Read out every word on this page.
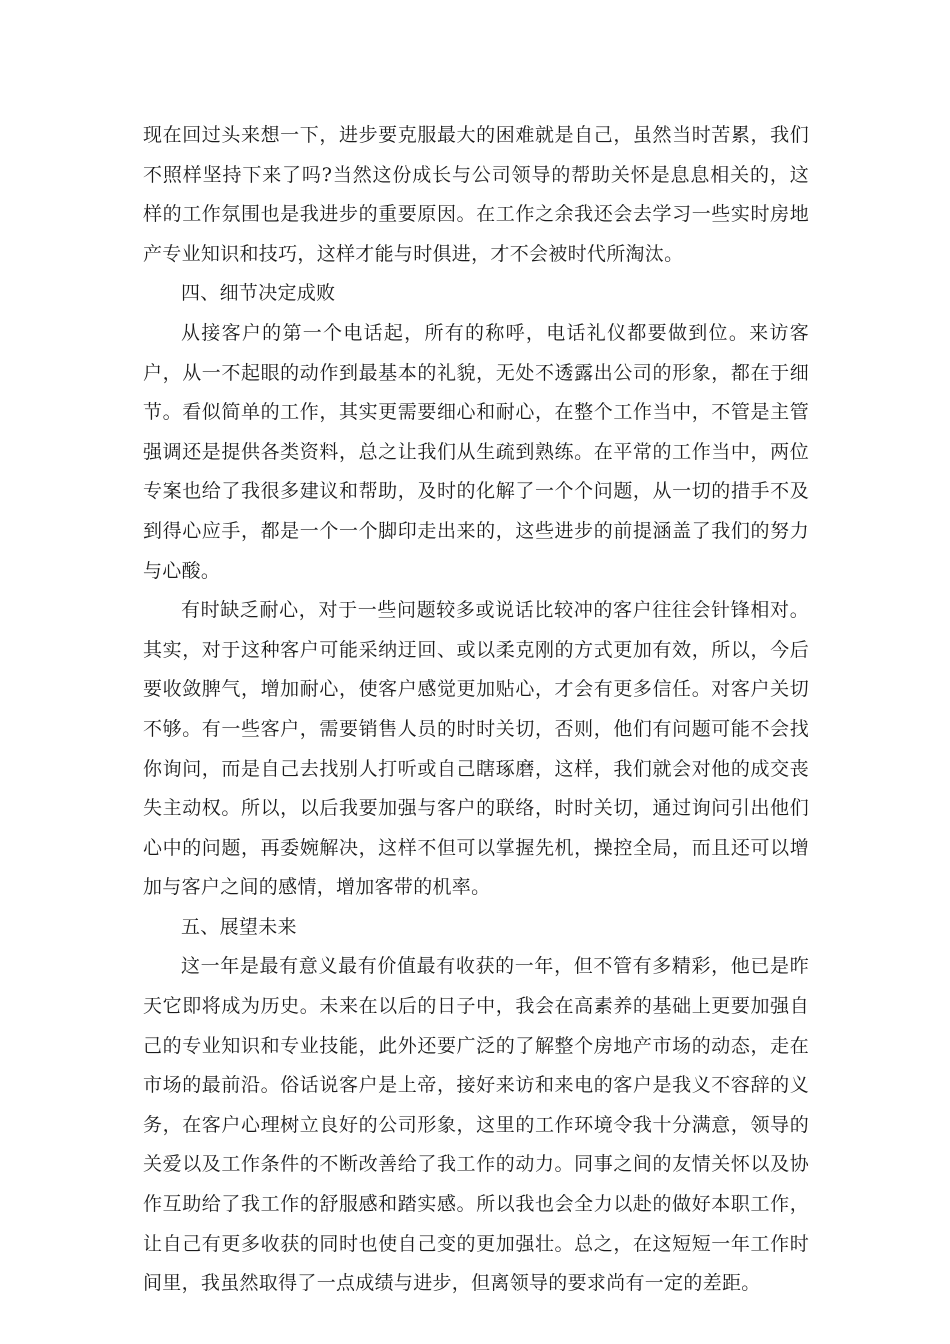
现在回过头来想一下，进步要克服最大的困难就是自己，虽然当时苦累，我们不照样坚持下来了吗?当然这份成长与公司领导的帮助关怀是息息相关的，这样的工作氛围也是我进步的重要原因。在工作之余我还会去学习一些实时房地产专业知识和技巧，这样才能与时俱进，才不会被时代所淘汰。

四、细节决定成败

从接客户的第一个电话起，所有的称呼，电话礼仪都要做到位。来访客户，从一不起眼的动作到最基本的礼貌，无处不透露出公司的形象，都在于细节。看似简单的工作，其实更需要细心和耐心，在整个工作当中，不管是主管强调还是提供各类资料，总之让我们从生疏到熟练。在平常的工作当中，两位专案也给了我很多建议和帮助，及时的化解了一个个问题，从一切的措手不及到得心应手，都是一个一个脚印走出来的，这些进步的前提涵盖了我们的努力与心酸。

有时缺乏耐心，对于一些问题较多或说话比较冲的客户往往会针锋相对。其实，对于这种客户可能采纳迂回、或以柔克刚的方式更加有效，所以，今后要收敛脾气，增加耐心，使客户感觉更加贴心，才会有更多信任。对客户关切不够。有一些客户，需要销售人员的时时关切，否则，他们有问题可能不会找你询问，而是自己去找别人打听或自己瞎琢磨，这样，我们就会对他的成交丧失主动权。所以，以后我要加强与客户的联络，时时关切，通过询问引出他们心中的问题，再委婉解决，这样不但可以掌握先机，操控全局，而且还可以增加与客户之间的感情，增加客带的机率。

五、展望未来

这一年是最有意义最有价值最有收获的一年，但不管有多精彩，他已是昨天它即将成为历史。未来在以后的日子中，我会在高素养的基础上更要加强自己的专业知识和专业技能，此外还要广泛的了解整个房地产市场的动态，走在市场的最前沿。俗话说客户是上帝，接好来访和来电的客户是我义不容辞的义务，在客户心理树立良好的公司形象，这里的工作环境令我十分满意，领导的关爱以及工作条件的不断改善给了我工作的动力。同事之间的友情关怀以及协作互助给了我工作的舒服感和踏实感。所以我也会全力以赴的做好本职工作，让自己有更多收获的同时也使自己变的更加强壮。总之，在这短短一年工作时间里，我虽然取得了一点成绩与进步，但离领导的要求尚有一定的差距。
